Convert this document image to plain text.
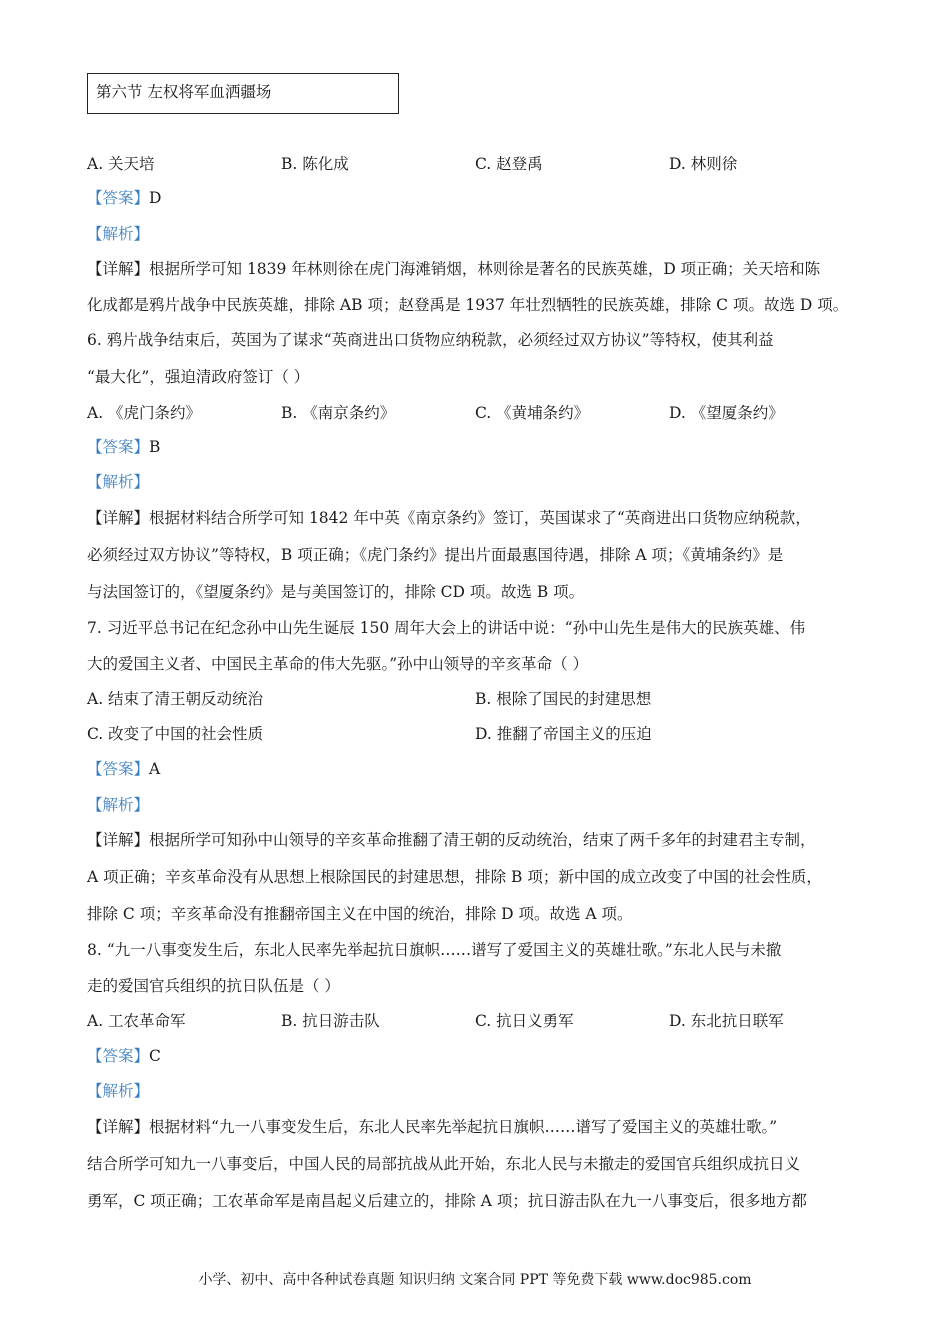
第六节 左权将军血洒疆场
A. 关天培	B. 陈化成	C. 赵登禹	D. 林则徐
【答案】D
【解析】
【详解】根据所学可知 1839 年林则徐在虎门海滩销烟，林则徐是著名的民族英雄，D 项正确；关天培和陈
化成都是鸦片战争中民族英雄，排除 AB 项；赵登禹是 1937 年壮烈牺牲的民族英雄，排除 C 项。故选 D 项。
6. 鸦片战争结束后，英国为了谋求“英商进出口货物应纳税款，必须经过双方协议”等特权，使其利益
“最大化”，强迫清政府签订（ ）
A. 《虎门条约》	B. 《南京条约》	C. 《黄埔条约》	D. 《望厦条约》
【答案】B
【解析】
【详解】根据材料结合所学可知 1842 年中英《南京条约》签订，英国谋求了“英商进出口货物应纳税款，
必须经过双方协议”等特权，B 项正确；《虎门条约》提出片面最惠国待遇，排除 A 项；《黄埔条约》是
与法国签订的，《望厦条约》是与美国签订的，排除 CD 项。故选 B 项。
7. 习近平总书记在纪念孙中山先生诞辰 150 周年大会上的讲话中说：“孙中山先生是伟大的民族英雄、伟
大的爱国主义者、中国民主革命的伟大先驱。”孙中山领导的辛亥革命（ ）
A. 结束了清王朝反动统治	B. 根除了国民的封建思想
C. 改变了中国的社会性质	D. 推翻了帝国主义的压迫
【答案】A
【解析】
【详解】根据所学可知孙中山领导的辛亥革命推翻了清王朝的反动统治，结束了两千多年的封建君主专制，
A 项正确；辛亥革命没有从思想上根除国民的封建思想，排除 B 项；新中国的成立改变了中国的社会性质，
排除 C 项；辛亥革命没有推翻帝国主义在中国的统治，排除 D 项。故选 A 项。
8. “九一八事变发生后，东北人民率先举起抗日旗帜……谱写了爱国主义的英雄壮歌。”东北人民与未撤
走的爱国官兵组织的抗日队伍是（ ）
A. 工农革命军	B. 抗日游击队	C. 抗日义勇军	D. 东北抗日联军
【答案】C
【解析】
【详解】根据材料“九一八事变发生后，东北人民率先举起抗日旗帜……谱写了爱国主义的英雄壮歌。”
结合所学可知九一八事变后，中国人民的局部抗战从此开始，东北人民与未撤走的爱国官兵组织成抗日义
勇军，C 项正确；工农革命军是南昌起义后建立的，排除 A 项；抗日游击队在九一八事变后，很多地方都
小学、初中、高中各种试卷真题 知识归纳 文案合同 PPT 等免费下载 www.doc985.com
